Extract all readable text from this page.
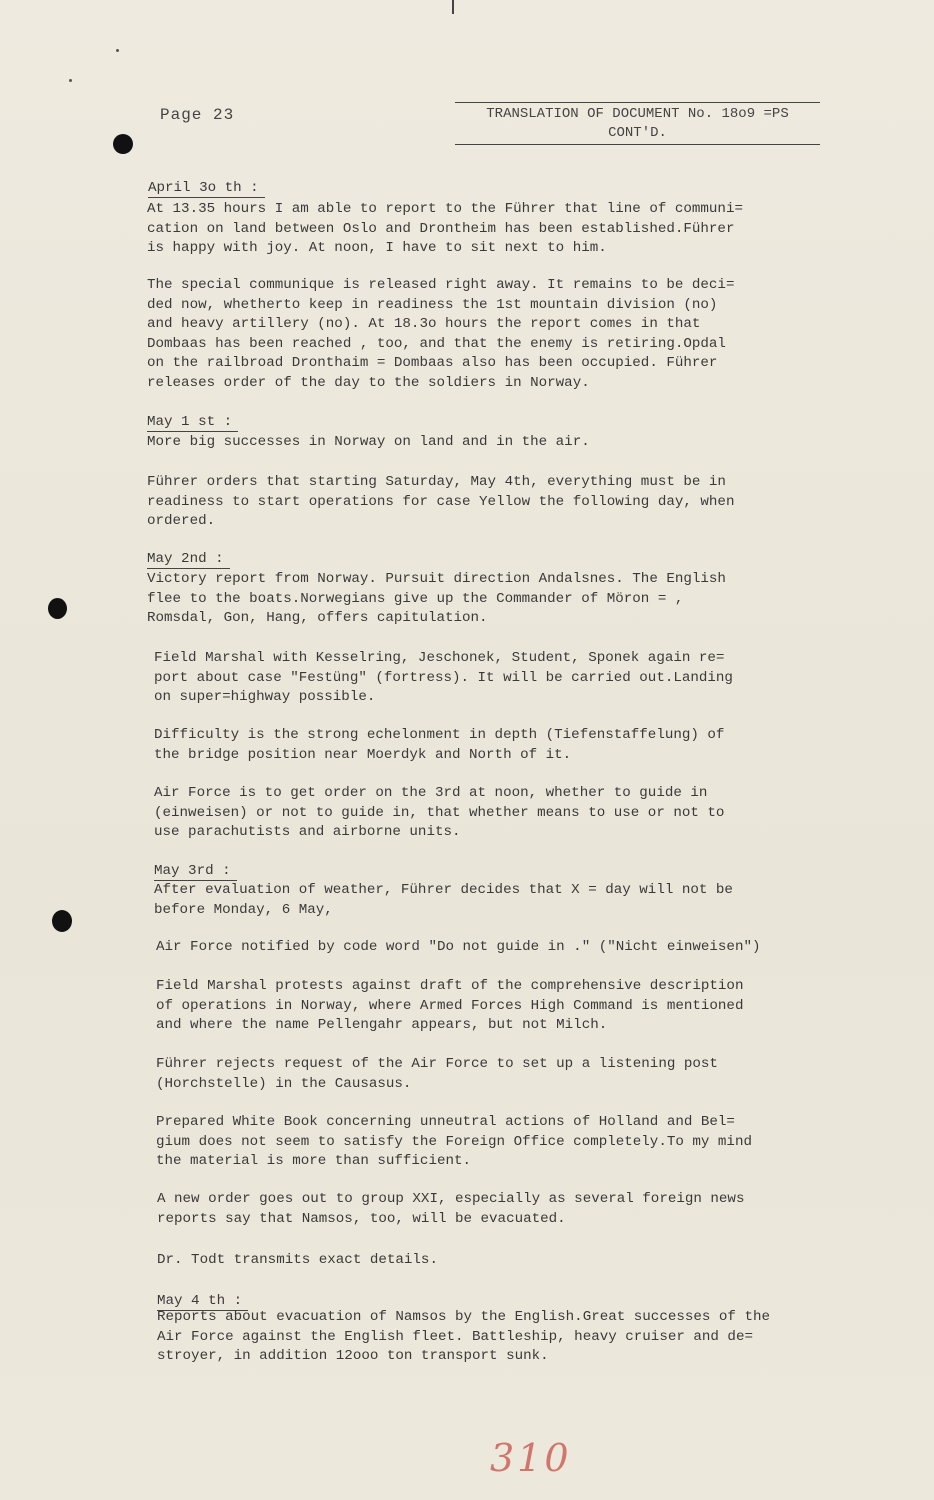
Page 23	TRANSLATION OF DOCUMENT No. 18o9 =PS
CONT'D.
April 3o th :
At 13.35 hours I am able to report to the Führer that line of communi=
cation on land between Oslo and Drontheim has been established.Führer
is happy with joy. At noon, I have to sit next to him.
The special communique is released right away. It remains to be deci=
ded now, whetherto keep in readiness the 1st mountain division (no)
and heavy artillery (no). At 18.3o hours the report comes in that
Dombaas has been reached , too, and that the enemy is retiring.Opdal
on the railbroad Dronthaim = Dombaas also has been occupied. Führer
releases order of the day to the soldiers in Norway.
May 1 st :
More big successes in Norway on land and in the air.
Führer orders that starting Saturday, May 4th, everything must be in
readiness to start operations for case Yellow the following day, when
ordered.
May 2nd :
Victory report from Norway. Pursuit direction Andalsnes. The English
flee to the boats.Norwegians give up the Commander of Möron = ,
Romsdal, Gon, Hang, offers capitulation.
Field Marshal with Kesselring, Jeschonek, Student, Sponek again re=
port about case "Festüng" (fortress). It will be carried out.Landing
on super=highway possible.
Difficulty is the strong echelonment in depth (Tiefenstaffelung) of
the bridge position near Moerdyk and North of it.
Air Force is to get order on the 3rd at noon, whether to guide in
(einweisen) or not to guide in, that whether means to use or not to
use parachutists and airborne units.
May 3rd :
After evaluation of weather, Führer decides that X = day will not be
before Monday, 6 May,
Air Force notified by code word "Do not guide in ." ("Nicht einweisen")
Field Marshal protests against draft of the comprehensive description
of operations in Norway, where Armed Forces High Command is mentioned
and where the name Pellengahr appears, but not Milch.
Führer rejects request of the Air Force to set up a listening post
(Horchstelle) in the Causasus.
Prepared White Book concerning unneutral actions of Holland and Bel=
gium does not seem to satisfy the Foreign Office completely.To my mind
the material is more than sufficient.
A new order goes out to group XXI, especially as several foreign news
reports say that Namsos, too, will be evacuated.
Dr. Todt transmits exact details.
May 4 th :
Reports about evacuation of Namsos by the English.Great successes of the
Air Force against the English fleet. Battleship, heavy cruiser and de=
stroyer, in addition 12ooo ton transport sunk.
310
